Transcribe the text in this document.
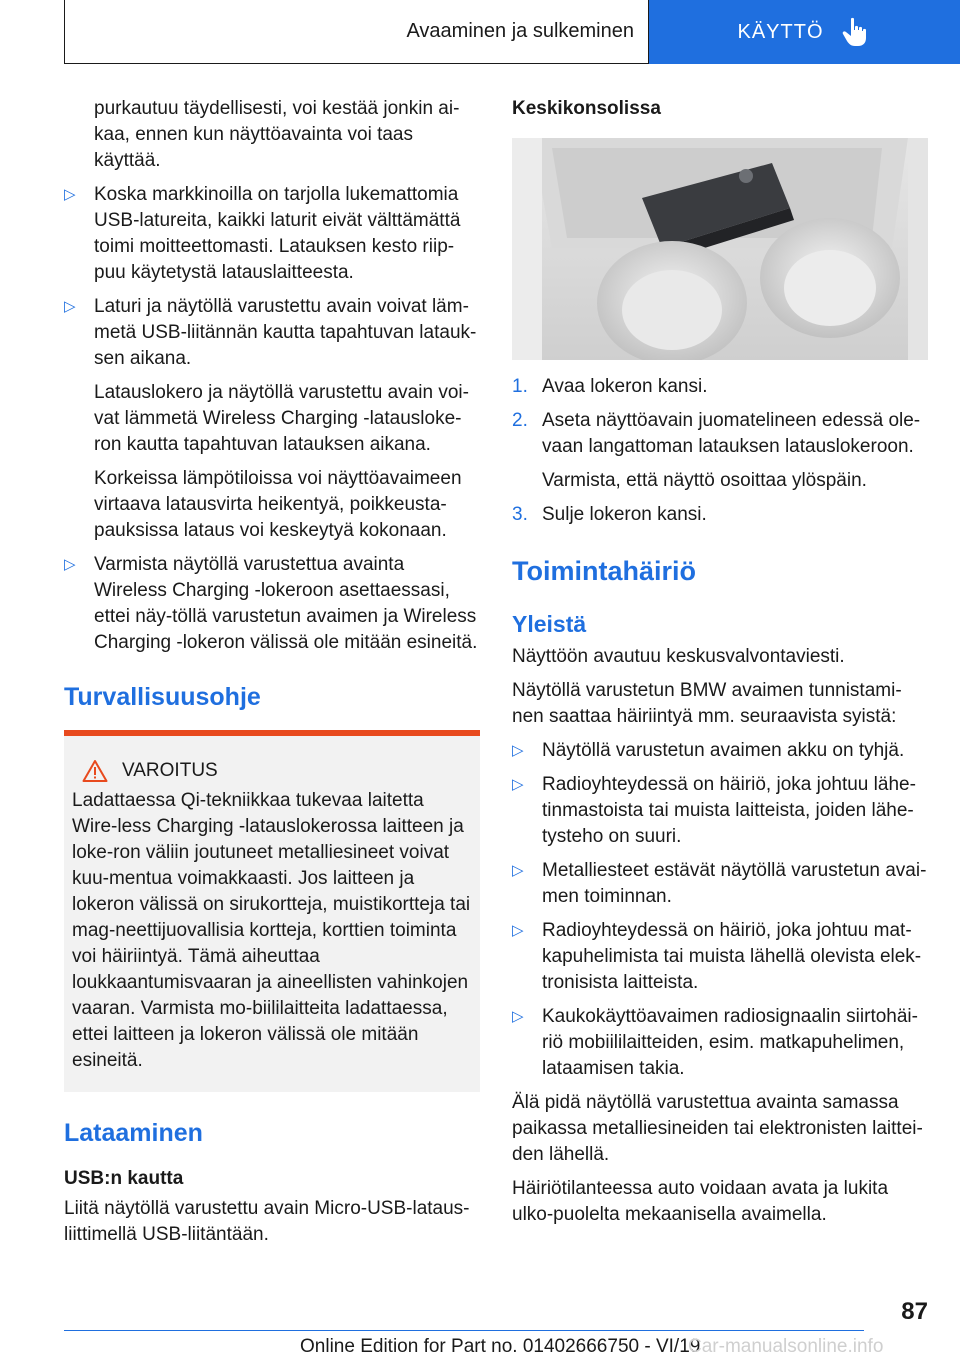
Avaaminen ja sulkeminen	KÄYTTÖ

purkautuu täydellisesti, voi kestää jonkin ai-kaa, ennen kun näyttöavainta voi taas käyttää.

▷ Koska markkinoilla on tarjolla lukemattomia USB-latureita, kaikki laturit eivät välttämättä toimi moitteettomasti. Latauksen kesto riip-puu käytetystä latauslaitteesta.
▷ Laturi ja näytöllä varustettu avain voivat läm-metä USB-liitännän kautta tapahtuvan latauk-sen aikana.

Latauslokero ja näytöllä varustettu avain voi-vat lämmetä Wireless Charging -latausloke-ron kautta tapahtuvan latauksen aikana.

Korkeissa lämpötiloissa voi näyttöavaimeen virtaava latausvirta heikentyä, poikkeusta-pauksissa lataus voi keskeytyä kokonaan.

▷ Varmista näytöllä varustettua avainta Wireless Charging -lokeroon asettaessasi, ettei näy-töllä varustetun avaimen ja Wireless Charging -lokeron välissä ole mitään esineitä.
Turvallisuusohje
VAROITUS

Ladattaessa Qi-tekniikkaa tukevaa laitetta Wire-less Charging -latauslokerossa laitteen ja loke-ron väliin joutuneet metalliesineet voivat kuu-mentua voimakkaasti. Jos laitteen ja lokeron välissä on sirukortteja, muistikortteja tai mag-neettijuovallisia kortteja, korttien toiminta voi häiriintyä. Tämä aiheuttaa loukkaantumisvaaran ja aineellisten vahinkojen vaaran. Varmista mo-biililaitteita ladattaessa, ettei laitteen ja lokeron välissä ole mitään esineitä.

Lataaminen
USB:n kautta

Liitä näytöllä varustettu avain Micro-USB-lataus-liittimellä USB-liitäntään.

Keskikonsolissa
1. Avaa lokeron kansi.
2. Aseta näyttöavain juomatelineen edessä ole-vaan langattoman latauksen latauslokeroon.

Varmista, että näyttö osoittaa ylöspäin.

3. Sulje lokeron kansi.
Toimintahäiriö
Yleistä

Näyttöön avautuu keskusvalvontaviesti.

Näytöllä varustetun BMW avaimen tunnistami-nen saattaa häiriintyä mm. seuraavista syistä:

▷ Näytöllä varustetun avaimen akku on tyhjä.
▷ Radioyhteydessä on häiriö, joka johtuu lähe-tinmastoista tai muista laitteista, joiden lähe-tysteho on suuri.
▷ Metalliesteet estävät näytöllä varustetun avai-men toiminnan.
▷ Radioyhteydessä on häiriö, joka johtuu mat-kapuhelimista tai muista lähellä olevista elek-tronisista laitteista.
▷ Kaukokäyttöavaimen radiosignaalin siirtohäi-riö mobiililaitteiden, esim. matkapuhelimen, lataamisen takia.

Älä pidä näytöllä varustettua avainta samassa paikassa metalliesineiden tai elektronisten laittei-den lähellä.

Häiriötilanteessa auto voidaan avata ja lukita ulko-puolelta mekaanisella avaimella.

87
Online Edition for Part no. 01402666750 - VI/19
Car-manualsonline.info
